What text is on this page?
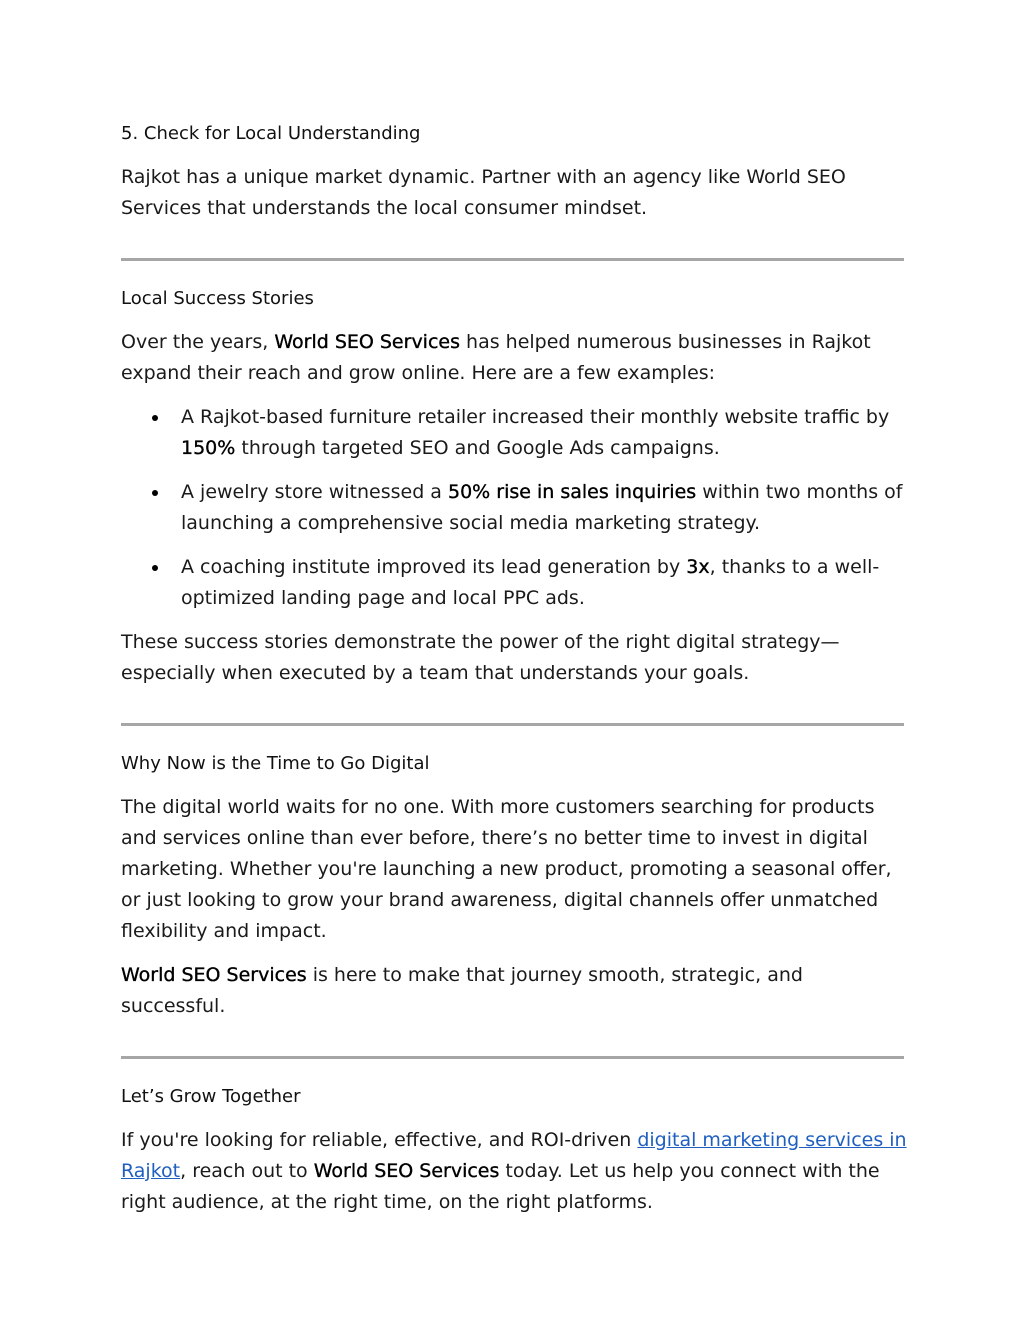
5. Check for Local Understanding

Rajkot has a unique market dynamic. Partner with an agency like World SEO Services that understands the local consumer mindset.

Local Success Stories

Over the years, World SEO Services has helped numerous businesses in Rajkot expand their reach and grow online. Here are a few examples:

A Rajkot-based furniture retailer increased their monthly website traffic by 150% through targeted SEO and Google Ads campaigns.
A jewelry store witnessed a 50% rise in sales inquiries within two months of launching a comprehensive social media marketing strategy.
A coaching institute improved its lead generation by 3x, thanks to a well-optimized landing page and local PPC ads.

These success stories demonstrate the power of the right digital strategy—especially when executed by a team that understands your goals.

Why Now is the Time to Go Digital

The digital world waits for no one. With more customers searching for products and services online than ever before, there’s no better time to invest in digital marketing. Whether you're launching a new product, promoting a seasonal offer, or just looking to grow your brand awareness, digital channels offer unmatched flexibility and impact.

World SEO Services is here to make that journey smooth, strategic, and successful.

Let’s Grow Together

If you're looking for reliable, effective, and ROI-driven digital marketing services in Rajkot, reach out to World SEO Services today. Let us help you connect with the right audience, at the right time, on the right platforms.
